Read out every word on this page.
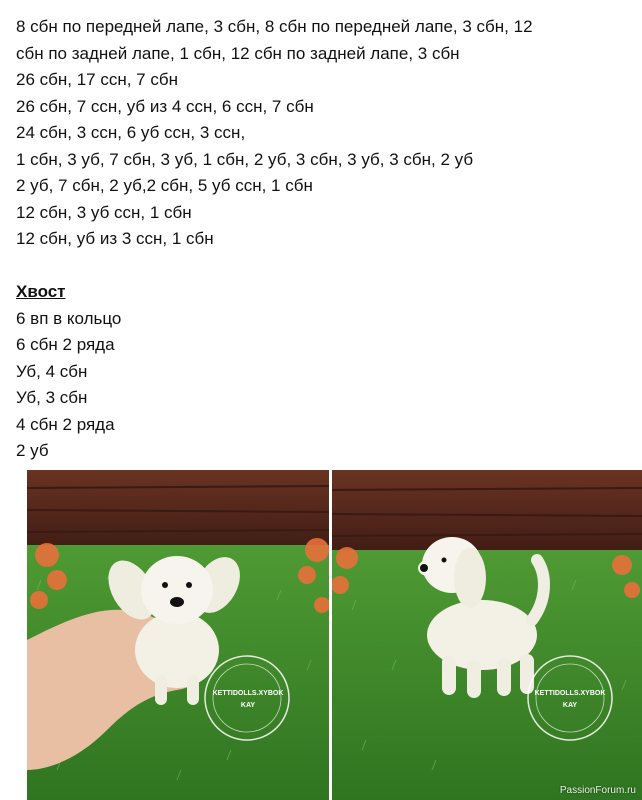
8 сбн по передней лапе, 3 сбн, 8 сбн по передней лапе, 3 сбн, 12
сбн по задней лапе, 1 сбн, 12 сбн по задней лапе, 3 сбн
26 сбн, 17 ссн, 7 сбн
26 сбн, 7 ссн, уб из 4 ссн, 6 ссн, 7 сбн
24 сбн, 3 ссн, 6 уб ссн, 3 ссн,
1 сбн, 3 уб, 7 сбн, 3 уб, 1 сбн, 2 уб, 3 сбн, 3 уб, 3 сбн, 2 уб
2 уб, 7 сбн, 2 уб,2 сбн, 5 уб ссн, 1 сбн
12 сбн, 3 уб ссн, 1 сбн
12 сбн, уб из 3 ссн, 1 сбн
Хвост
6 вп в кольцо
6 сбн 2 ряда
Уб, 4 сбн
Уб, 3 сбн
4 сбн 2 ряда
2 уб
KETTIDOLLS.XYBOK
KAY
KETTIDOLLS.XYBOK
KAY
PassionForum.ru
